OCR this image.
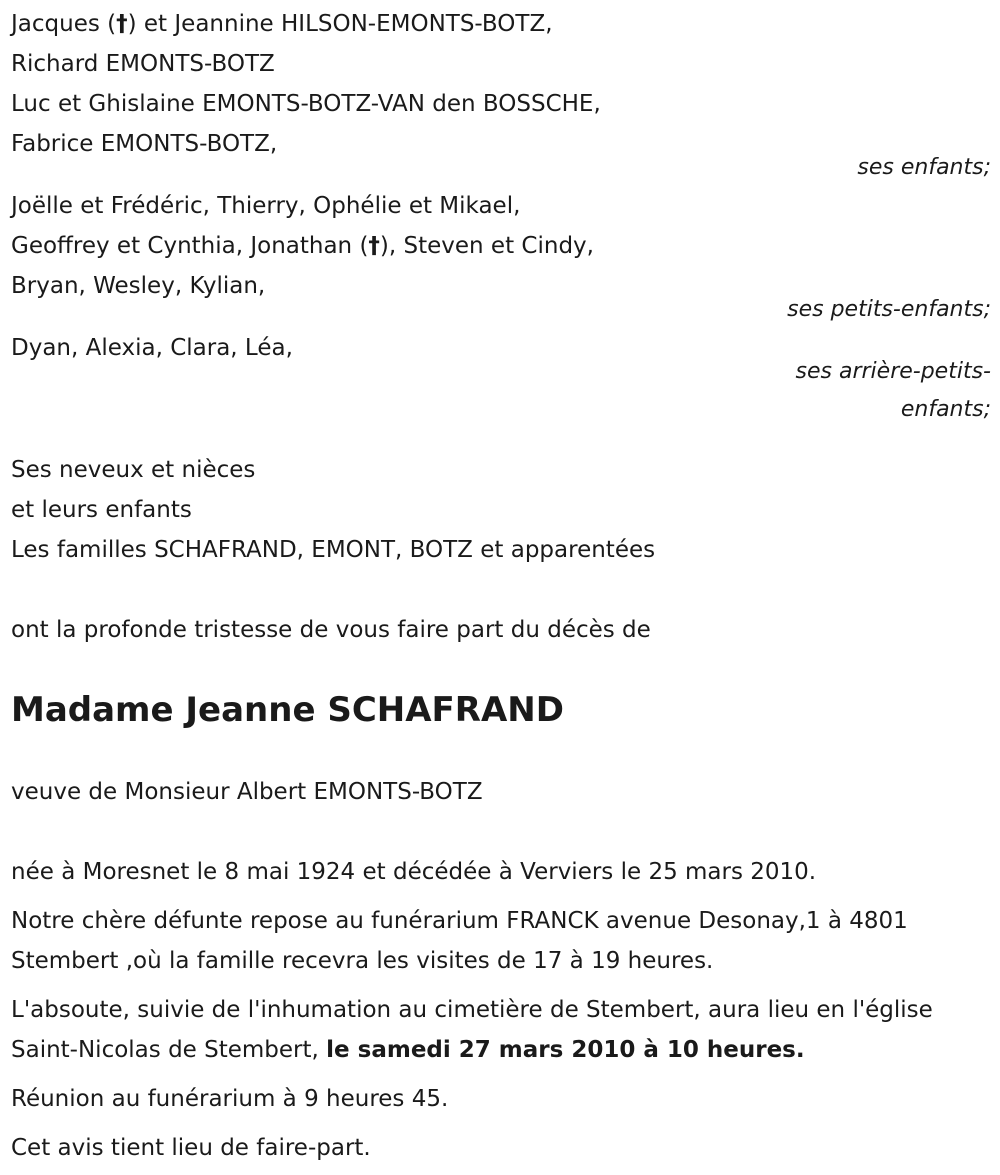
Jacques (†) et Jeannine HILSON-EMONTS-BOTZ,
Richard EMONTS-BOTZ
Luc et Ghislaine EMONTS-BOTZ-VAN den BOSSCHE,
Fabrice EMONTS-BOTZ,
ses enfants;
Joëlle et Frédéric, Thierry, Ophélie et Mikael,
Geoffrey et Cynthia, Jonathan (†), Steven et Cindy,
Bryan, Wesley, Kylian,
ses petits-enfants;
Dyan, Alexia, Clara, Léa,
ses arrière-petits-
enfants;
Ses neveux et nièces
et leurs enfants
Les familles SCHAFRAND, EMONT, BOTZ et apparentées
ont la profonde tristesse de vous faire part du décès de
Madame Jeanne SCHAFRAND
veuve de Monsieur Albert EMONTS-BOTZ
née à Moresnet le 8 mai 1924 et décédée à Verviers le 25 mars 2010.
Notre chère défunte repose au funérarium FRANCK avenue Desonay,1 à 4801 Stembert ,où la famille recevra les visites de 17 à 19 heures.
L'absoute, suivie de l'inhumation au cimetière de Stembert, aura lieu en l'église Saint-Nicolas de Stembert, le samedi 27 mars 2010 à 10 heures.
Réunion au funérarium à 9 heures 45.
Cet avis tient lieu de faire-part.
